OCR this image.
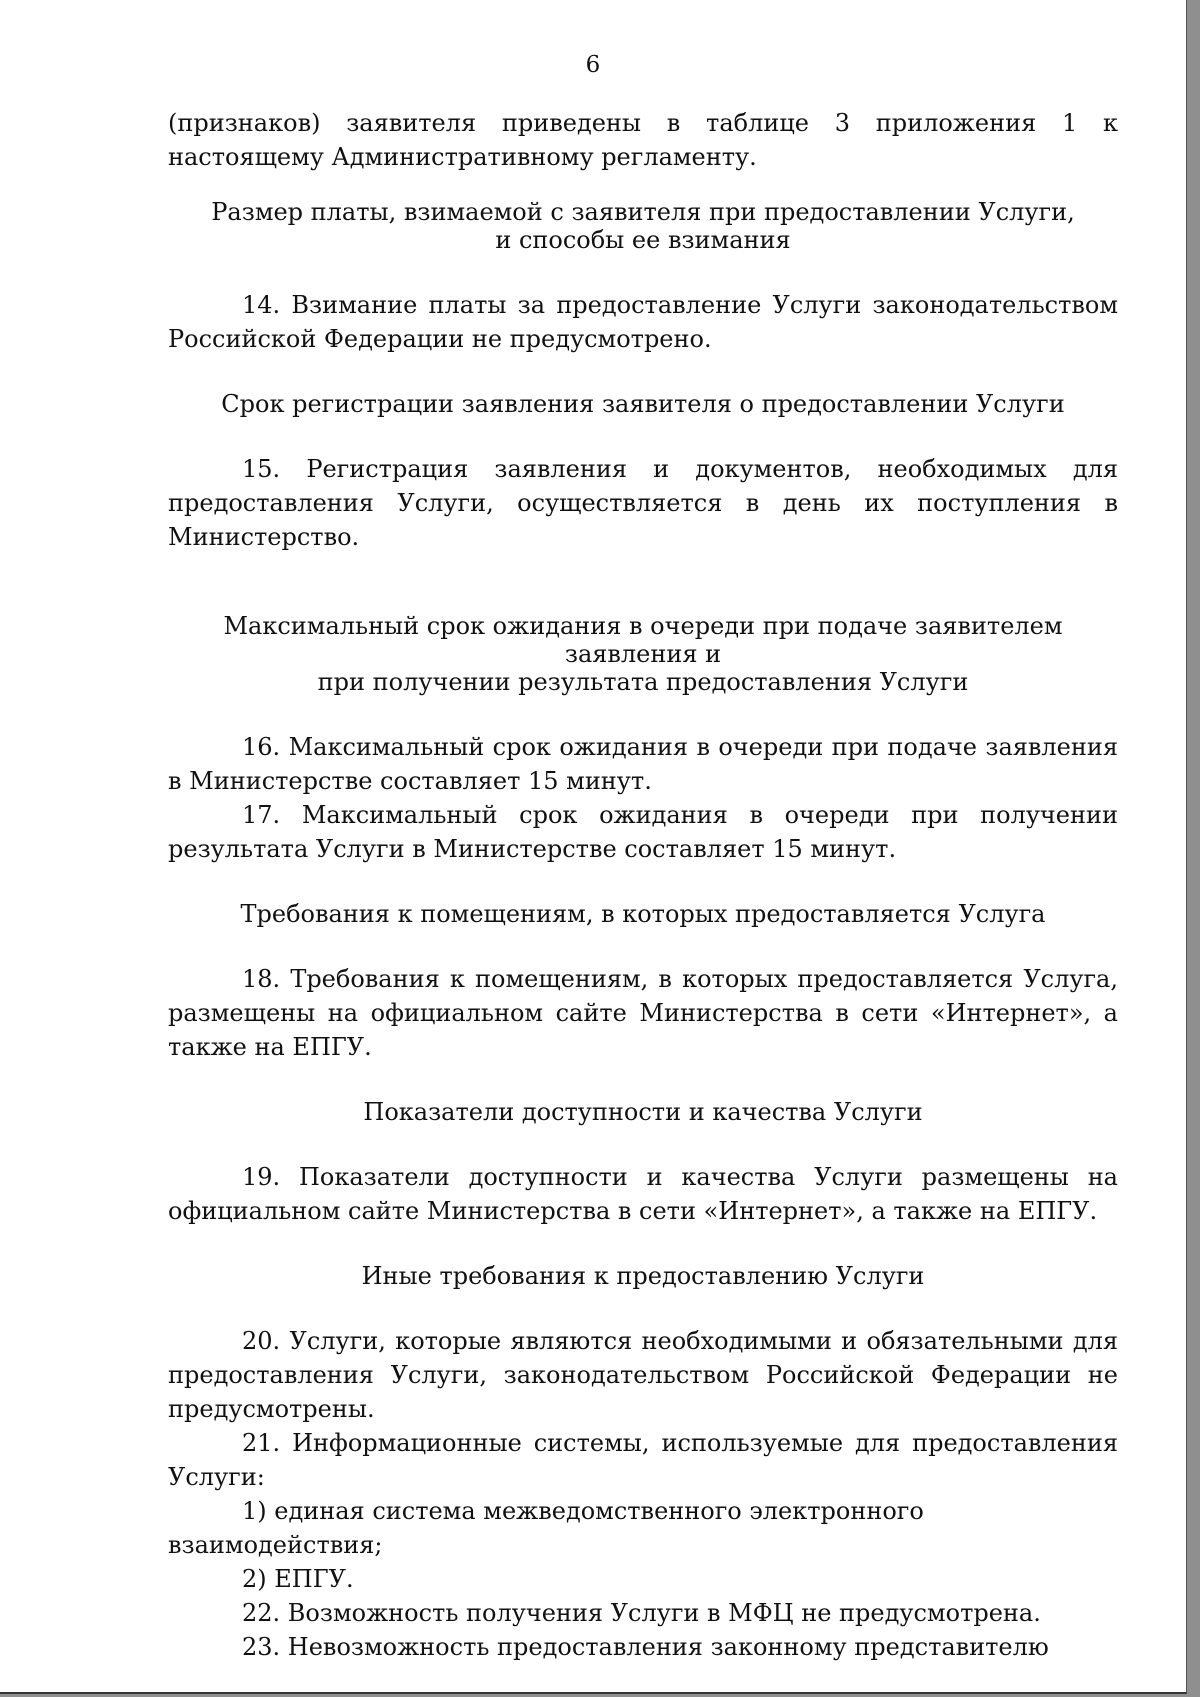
6

(признаков) заявителя приведены в таблице 3 приложения 1 к настоящему Административному регламенту.

Размер платы, взимаемой с заявителя при предоставлении Услуги,

и способы ее взимания

14. Взимание платы за предоставление Услуги законодательством Российской Федерации не предусмотрено.

Срок регистрации заявления заявителя о предоставлении Услуги

15. Регистрация заявления и документов, необходимых для предоставления Услуги, осуществляется в день их поступления в Министерство.

Максимальный срок ожидания в очереди при подаче заявителем заявления и

при получении результата предоставления Услуги

16. Максимальный срок ожидания в очереди при подаче заявления в Министерстве составляет 15 минут.

17. Максимальный срок ожидания в очереди при получении результата Услуги в Министерстве составляет 15 минут.

Требования к помещениям, в которых предоставляется Услуга

18. Требования к помещениям, в которых предоставляется Услуга, размещены на официальном сайте Министерства в сети «Интернет», а также на ЕПГУ.

Показатели доступности и качества Услуги

19. Показатели доступности и качества Услуги размещены на официальном сайте Министерства в сети «Интернет», а также на ЕПГУ.

Иные требования к предоставлению Услуги

20. Услуги, которые являются необходимыми и обязательными для предоставления Услуги, законодательством Российской Федерации не предусмотрены.

21. Информационные системы, используемые для предоставления Услуги:

1) единая система межведомственного электронного взаимодействия;

2) ЕПГУ.

22. Возможность получения Услуги в МФЦ не предусмотрена.

23. Невозможность предоставления законному представителю
